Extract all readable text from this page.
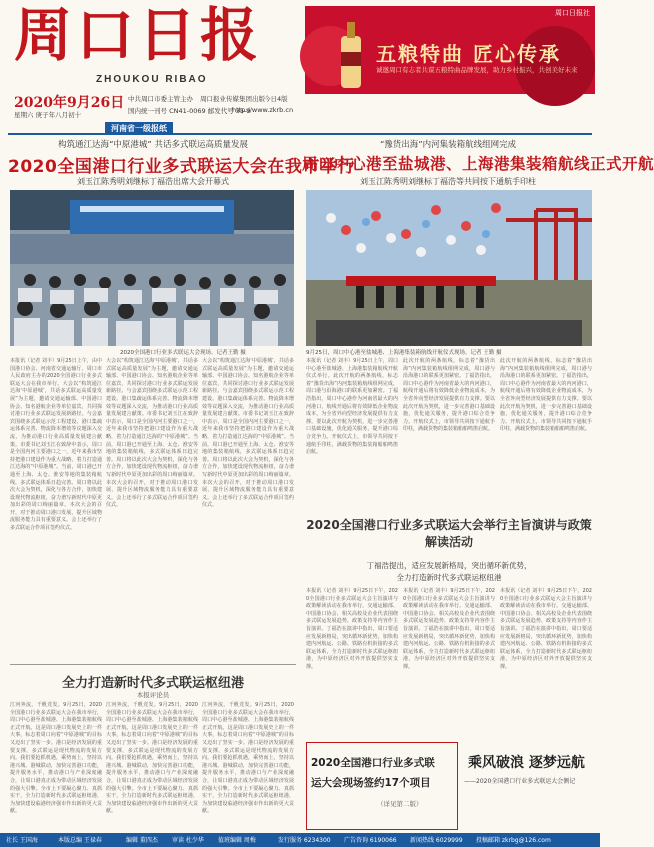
周口日报
ZHOUKOU RIBAO
周口日报社
五粮特曲 匠心传承
诚邀周口有志者共谋五粮特曲品牌发展，助力乡村振兴，共创美好未来
2020年9月26日
星期六 庚子年八月初十
中共周口市委主管主办
国内统一刊号 CN41-0069 邮发代号 35-9
周口报业传媒集团出版 今日4版
http://www.zkrb.cn
河南省一级报纸
构筑通江达海“中原港城” 共话多式联运高质量发展
2020全国港口行业多式联运大会在我市举行
刘玉江陈秀明刘继标丁福浩出席大会开幕式
2020全国港口行业多式联运大会现场。记者王勤 摄
本报讯（记者 刘丰）9月25日上午，由中国港口协会、河南省交通运输厅、周口市人民政府主办的2020全国港口行业多式联运大会在我市举行。大会以“构筑通江达海‘中原港城’，共话多式联运高质量发展”为主题，邀请交通运输部、中国港口协会、知名港航企业等单位嘉宾，共同探讨港口行业多式联运发展新路径。与会嘉宾围绕多式联运示范工程建设、港口集疏运体系完善、物流降本增效等议题深入交流，为推动港口行业高质量发展建言献策。市委书记刘玉江在致辞中表示，周口是全国内河主要港口之一，近年来我市坚持把港口建设作为重大战略，着力打造通江达海的“中原港城”。当前，周口港已开通至上海、太仓、淮安等地的集装箱航线，多式联运体系日趋完善。周口将以此次大会为契机，深化与各方合作，加快建设现代物流枢纽，奋力谱写新时代中原更加出彩的周口绚丽篇章。本次大会的召开，对于推动周口港口发展、提升区域物流服务能力具有重要意义。会上还举行了多式联运合作项目签约仪式。
大会以“构筑通江达海‘中原港城’，共话多式联运高质量发展”为主题，邀请交通运输部、中国港口协会、知名港航企业等单位嘉宾，共同探讨港口行业多式联运发展新路径。与会嘉宾围绕多式联运示范工程建设、港口集疏运体系完善、物流降本增效等议题深入交流，为推动港口行业高质量发展建言献策。市委书记刘玉江在致辞中表示，周口是全国内河主要港口之一，近年来我市坚持把港口建设作为重大战略，着力打造通江达海的“中原港城”。当前，周口港已开通至上海、太仓、淮安等地的集装箱航线，多式联运体系日趋完善。周口将以此次大会为契机，深化与各方合作，加快建设现代物流枢纽，奋力谱写新时代中原更加出彩的周口绚丽篇章。本次大会的召开，对于推动周口港口发展、提升区域物流服务能力具有重要意义。会上还举行了多式联运合作项目签约仪式。
大会以“构筑通江达海‘中原港城’，共话多式联运高质量发展”为主题，邀请交通运输部、中国港口协会、知名港航企业等单位嘉宾，共同探讨港口行业多式联运发展新路径。与会嘉宾围绕多式联运示范工程建设、港口集疏运体系完善、物流降本增效等议题深入交流，为推动港口行业高质量发展建言献策。市委书记刘玉江在致辞中表示，周口是全国内河主要港口之一，近年来我市坚持把港口建设作为重大战略，着力打造通江达海的“中原港城”。当前，周口港已开通至上海、太仓、淮安等地的集装箱航线，多式联运体系日趋完善。周口将以此次大会为契机，深化与各方合作，加快建设现代物流枢纽，奋力谱写新时代中原更加出彩的周口绚丽篇章。本次大会的召开，对于推动周口港口发展、提升区域物流服务能力具有重要意义。会上还举行了多式联运合作项目签约仪式。
“豫货出海”内河集装箱航线组网完成
周口中心港至盐城港、上海港集装箱航线正式开航
刘玉江陈秀明刘继标丁福浩等共同按下通航手印柱
9月25日，周口中心港至盐城港、上海港集装箱航线开航仪式现场。记者 王勤 摄
本报讯（记者 刘丰）9月25日上午，周口中心港至盐城港、上海港集装箱航线开航仪式举行。此次开航的两条航线，标志着“豫货出海”内河集装箱航线组网完成，周口港与沿海港口的联系更加紧密。丁福浩指出，周口中心港作为河南省最大的内河港口，航线开通后将有效降低企业物流成本，为全省外向型经济发展提供有力支撑。要以此次开航为契机，进一步完善港口基础设施，优化通关服务，提升港口综合竞争力。开航仪式上，市领导共同按下通航手印柱，满载货物的集装箱船舶鸣笛启航。
此次开航的两条航线，标志着“豫货出海”内河集装箱航线组网完成，周口港与沿海港口的联系更加紧密。丁福浩指出，周口中心港作为河南省最大的内河港口，航线开通后将有效降低企业物流成本，为全省外向型经济发展提供有力支撑。要以此次开航为契机，进一步完善港口基础设施，优化通关服务，提升港口综合竞争力。开航仪式上，市领导共同按下通航手印柱，满载货物的集装箱船舶鸣笛启航。
此次开航的两条航线，标志着“豫货出海”内河集装箱航线组网完成，周口港与沿海港口的联系更加紧密。丁福浩指出，周口中心港作为河南省最大的内河港口，航线开通后将有效降低企业物流成本，为全省外向型经济发展提供有力支撑。要以此次开航为契机，进一步完善港口基础设施，优化通关服务，提升港口综合竞争力。开航仪式上，市领导共同按下通航手印柱，满载货物的集装箱船舶鸣笛启航。
2020全国港口行业多式联运大会举行主旨演讲与政策解读活动
丁福浩提出，适应发展新格局，突出循环新优势，
全力打造新时代多式联运枢纽港
本报讯（记者 刘丰）9月25日下午，2020全国港口行业多式联运大会主旨演讲与政策解读活动在我市举行。交通运输部、中国港口协会、相关高校及企业代表围绕多式联运发展趋势、政策支持等内容作主旨演讲。丁福浩在演讲中指出，周口要适应发展新格局，突出循环新优势，加快构建内河航运、公路、铁路有机衔接的多式联运体系，全力打造新时代多式联运枢纽港，为中原经济区对外开放提供坚实支撑。
本报讯（记者 刘丰）9月25日下午，2020全国港口行业多式联运大会主旨演讲与政策解读活动在我市举行。交通运输部、中国港口协会、相关高校及企业代表围绕多式联运发展趋势、政策支持等内容作主旨演讲。丁福浩在演讲中指出，周口要适应发展新格局，突出循环新优势，加快构建内河航运、公路、铁路有机衔接的多式联运体系，全力打造新时代多式联运枢纽港，为中原经济区对外开放提供坚实支撑。
本报讯（记者 刘丰）9月25日下午，2020全国港口行业多式联运大会主旨演讲与政策解读活动在我市举行。交通运输部、中国港口协会、相关高校及企业代表围绕多式联运发展趋势、政策支持等内容作主旨演讲。丁福浩在演讲中指出，周口要适应发展新格局，突出循环新优势，加快构建内河航运、公路、铁路有机衔接的多式联运体系，全力打造新时代多式联运枢纽港，为中原经济区对外开放提供坚实支撑。
全力打造新时代多式联运枢纽港
本报评论员
江河奔流，千帆竞发。9月25日，2020全国港口行业多式联运大会在我市举行，周口中心港至盐城港、上海港集装箱航线正式开航。这是周口港口发展史上的一件大事，标志着周口向着“中原港城”的目标又迈出了坚实一步。港口是经济发展的重要支撑，多式联运是现代物流的发展方向。我们要抢抓机遇，乘势而上，坚持以港兴城、港城联动，加快完善港口功能，提升服务水平，推动港口与产业深度融合，让周口港真正成为带动区域经济发展的强大引擎。全市上下要凝心聚力、真抓实干，全力打造新时代多式联运枢纽港，为加快建设临港经济强市作出新的更大贡献。
江河奔流，千帆竞发。9月25日，2020全国港口行业多式联运大会在我市举行，周口中心港至盐城港、上海港集装箱航线正式开航。这是周口港口发展史上的一件大事，标志着周口向着“中原港城”的目标又迈出了坚实一步。港口是经济发展的重要支撑，多式联运是现代物流的发展方向。我们要抢抓机遇，乘势而上，坚持以港兴城、港城联动，加快完善港口功能，提升服务水平，推动港口与产业深度融合，让周口港真正成为带动区域经济发展的强大引擎。全市上下要凝心聚力、真抓实干，全力打造新时代多式联运枢纽港，为加快建设临港经济强市作出新的更大贡献。
江河奔流，千帆竞发。9月25日，2020全国港口行业多式联运大会在我市举行，周口中心港至盐城港、上海港集装箱航线正式开航。这是周口港口发展史上的一件大事，标志着周口向着“中原港城”的目标又迈出了坚实一步。港口是经济发展的重要支撑，多式联运是现代物流的发展方向。我们要抢抓机遇，乘势而上，坚持以港兴城、港城联动，加快完善港口功能，提升服务水平，推动港口与产业深度融合，让周口港真正成为带动区域经济发展的强大引擎。全市上下要凝心聚力、真抓实干，全力打造新时代多式联运枢纽港，为加快建设临港经济强市作出新的更大贡献。
2020全国港口行业多式联
运大会现场签约17个项目
（详见第二版）
乘风破浪 逐梦远航
——2020全国港口行业多式联运大会侧记
社长 王国海	本版总编 王禄春	编辑 董四杰 审读 杜少华 值班编辑 周梅	发行服务 6234300 广告咨询 6190066 新闻热线 6029999 投稿邮箱 zkrbg@126.com
